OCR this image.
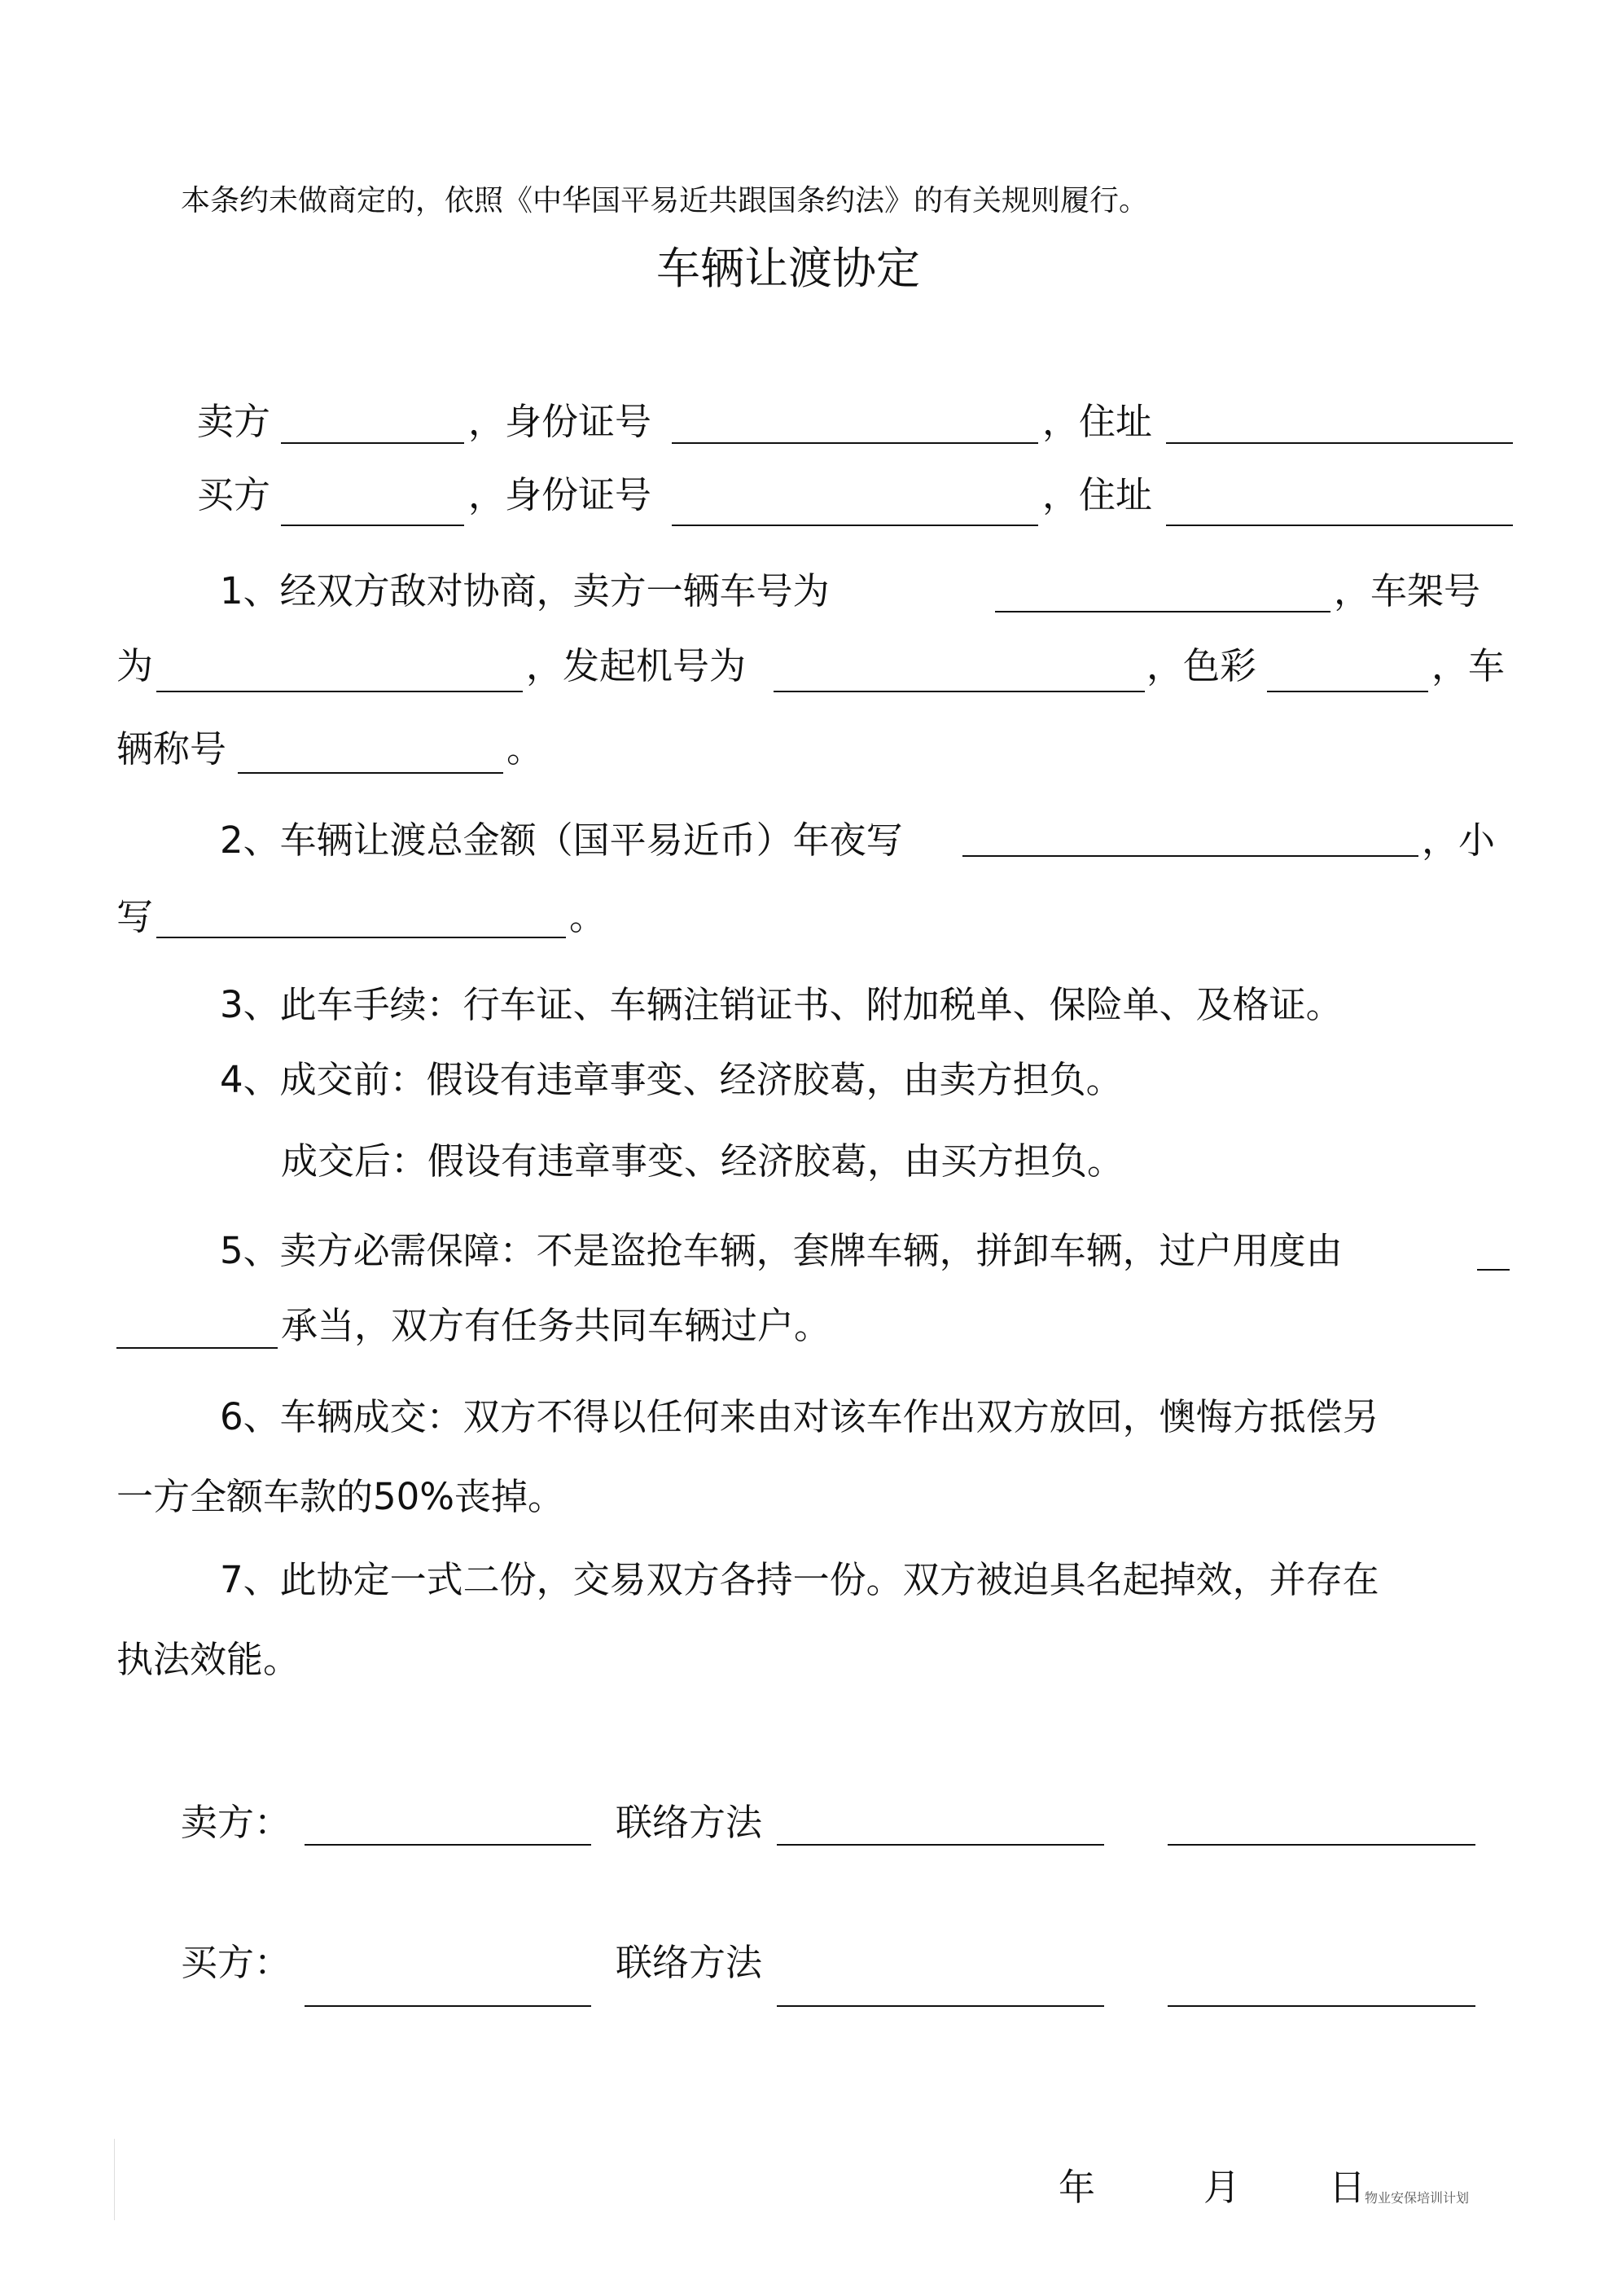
本条约未做商定的，依照《中华国平易近共跟国条约法》的有关规则履行。
车辆让渡协定
卖方	，身份证号	，住址
买方	，身份证号	，住址
1、经双方敌对协商，卖方一辆车号为	，车架号
为	，发起机号为	，色彩	，车
辆称号	。
2、车辆让渡总金额（国平易近币）年夜写	，小
写	。
3、此车手续：行车证、车辆注销证书、附加税单、保险单、及格证。
4、成交前：假设有违章事变、经济胶葛，由卖方担负。
成交后：假设有违章事变、经济胶葛，由买方担负。
5、卖方必需保障：不是盗抢车辆，套牌车辆，拼卸车辆，过户用度由
承当，双方有任务共同车辆过户。
6、车辆成交：双方不得以任何来由对该车作出双方放回，懊悔方抵偿另
一方全额车款的50%丧掉。
7、此协定一式二份，交易双方各持一份。双方被迫具名起掉效，并存在
执法效能。
卖方：	联络方法
买方：	联络方法
年	月 日
物业安保培训计划
